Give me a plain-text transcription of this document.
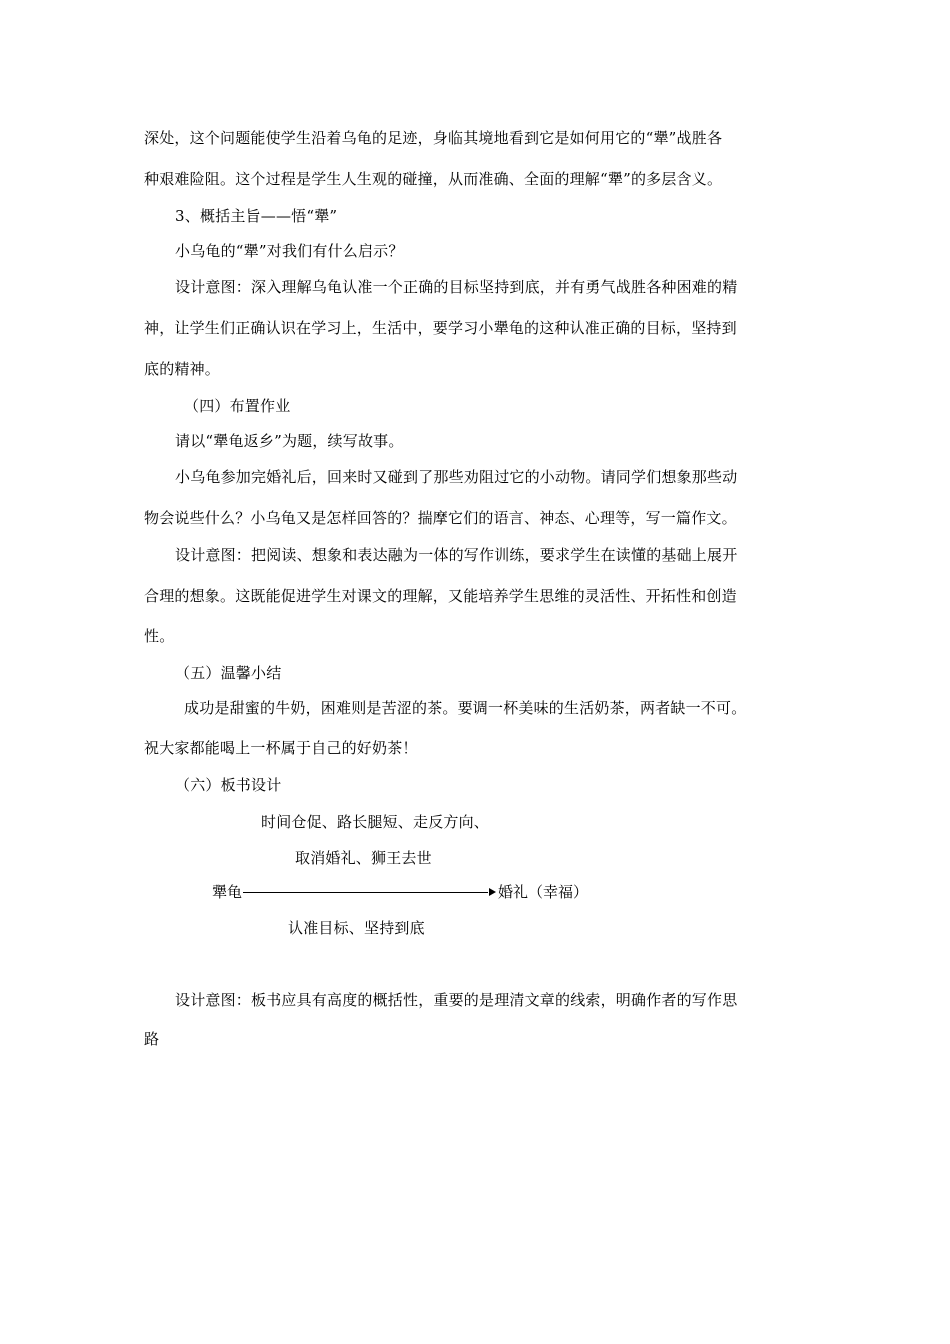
深处，这个问题能使学生沿着乌龟的足迹，身临其境地看到它是如何用它的“犟”战胜各
种艰难险阻。这个过程是学生人生观的碰撞，从而准确、全面的理解“犟”的多层含义。
3、概括主旨——悟“犟”
小乌龟的“犟”对我们有什么启示？
设计意图：深入理解乌龟认准一个正确的目标坚持到底，并有勇气战胜各种困难的精
神，让学生们正确认识在学习上，生活中，要学习小犟龟的这种认准正确的目标，坚持到
底的精神。
（四）布置作业
请以“犟龟返乡”为题，续写故事。
小乌龟参加完婚礼后，回来时又碰到了那些劝阻过它的小动物。请同学们想象那些动
物会说些什么？小乌龟又是怎样回答的？揣摩它们的语言、神态、心理等，写一篇作文。
设计意图：把阅读、想象和表达融为一体的写作训练，要求学生在读懂的基础上展开
合理的想象。这既能促进学生对课文的理解，又能培养学生思维的灵活性、开拓性和创造
性。
（五）温馨小结
成功是甜蜜的牛奶，困难则是苦涩的茶。要调一杯美味的生活奶茶，两者缺一不可。
祝大家都能喝上一杯属于自己的好奶茶！
（六）板书设计
时间仓促、路长腿短、走反方向、
取消婚礼、狮王去世
犟龟	婚礼（幸福）
认准目标、坚持到底
设计意图：板书应具有高度的概括性，重要的是理清文章的线索，明确作者的写作思
路
